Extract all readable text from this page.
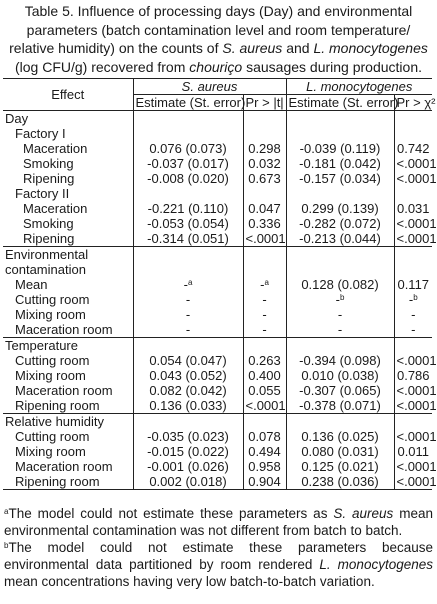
Table 5. Influence of processing days (Day) and environmental
parameters (batch contamination level and room temperature/
relative humidity) on the counts of S. aureus and L. monocytogenes
(log CFU/g) recovered from chouriço sausages during production.
Effect	S. aureus		L. monocytogenes	
	Estimate (St. error)	Pr > |t|	Estimate (St. error)	Pr > χ²
Day				
Factory I				
Maceration	0.076 (0.073)	0.298	-0.039 (0.119)	0.742
Smoking	-0.037 (0.017)	0.032	-0.181 (0.042)	<.0001
Ripening	-0.008 (0.020)	0.673	-0.157 (0.034)	<.0001
Factory II				
Maceration	-0.221 (0.110)	0.047	0.299 (0.139)	0.031
Smoking	-0.053 (0.054)	0.336	-0.282 (0.072)	<.0001
Ripening	-0.314 (0.051)	<.0001	-0.213 (0.044)	<.0001
Environmental				
contamination				
Mean	-$^a$	-$^a$	0.128 (0.082)	0.117
Cutting room	-	-	-$^b$	-$^b$
Mixing room	-	-	-	-
Maceration room	-	-	-	-
Temperature				
Cutting room	0.054 (0.047)	0.263	-0.394 (0.098)	<.0001
Mixing room	0.043 (0.052)	0.400	0.010 (0.038)	0.786
Maceration room	0.082 (0.042)	0.055	-0.307 (0.065)	<.0001
Ripening room	0.136 (0.033)	<.0001	-0.378 (0.071)	<.0001
Relative humidity				
Cutting room	-0.035 (0.023)	0.078	0.136 (0.025)	<.0001
Mixing room	-0.015 (0.022)	0.494	0.080 (0.031)	0.011
Maceration room	-0.001 (0.026)	0.958	0.125 (0.021)	<.0001
Ripening room	0.002 (0.018)	0.904	0.238 (0.036)	<.0001
$^a$The model could not estimate these parameters as S. aureus mean environmental contamination was not different from batch to batch.
$^b$The model could not estimate these parameters because environmental data partitioned by room rendered L. monocytogenes mean concentrations having very low batch-to-batch variation.
